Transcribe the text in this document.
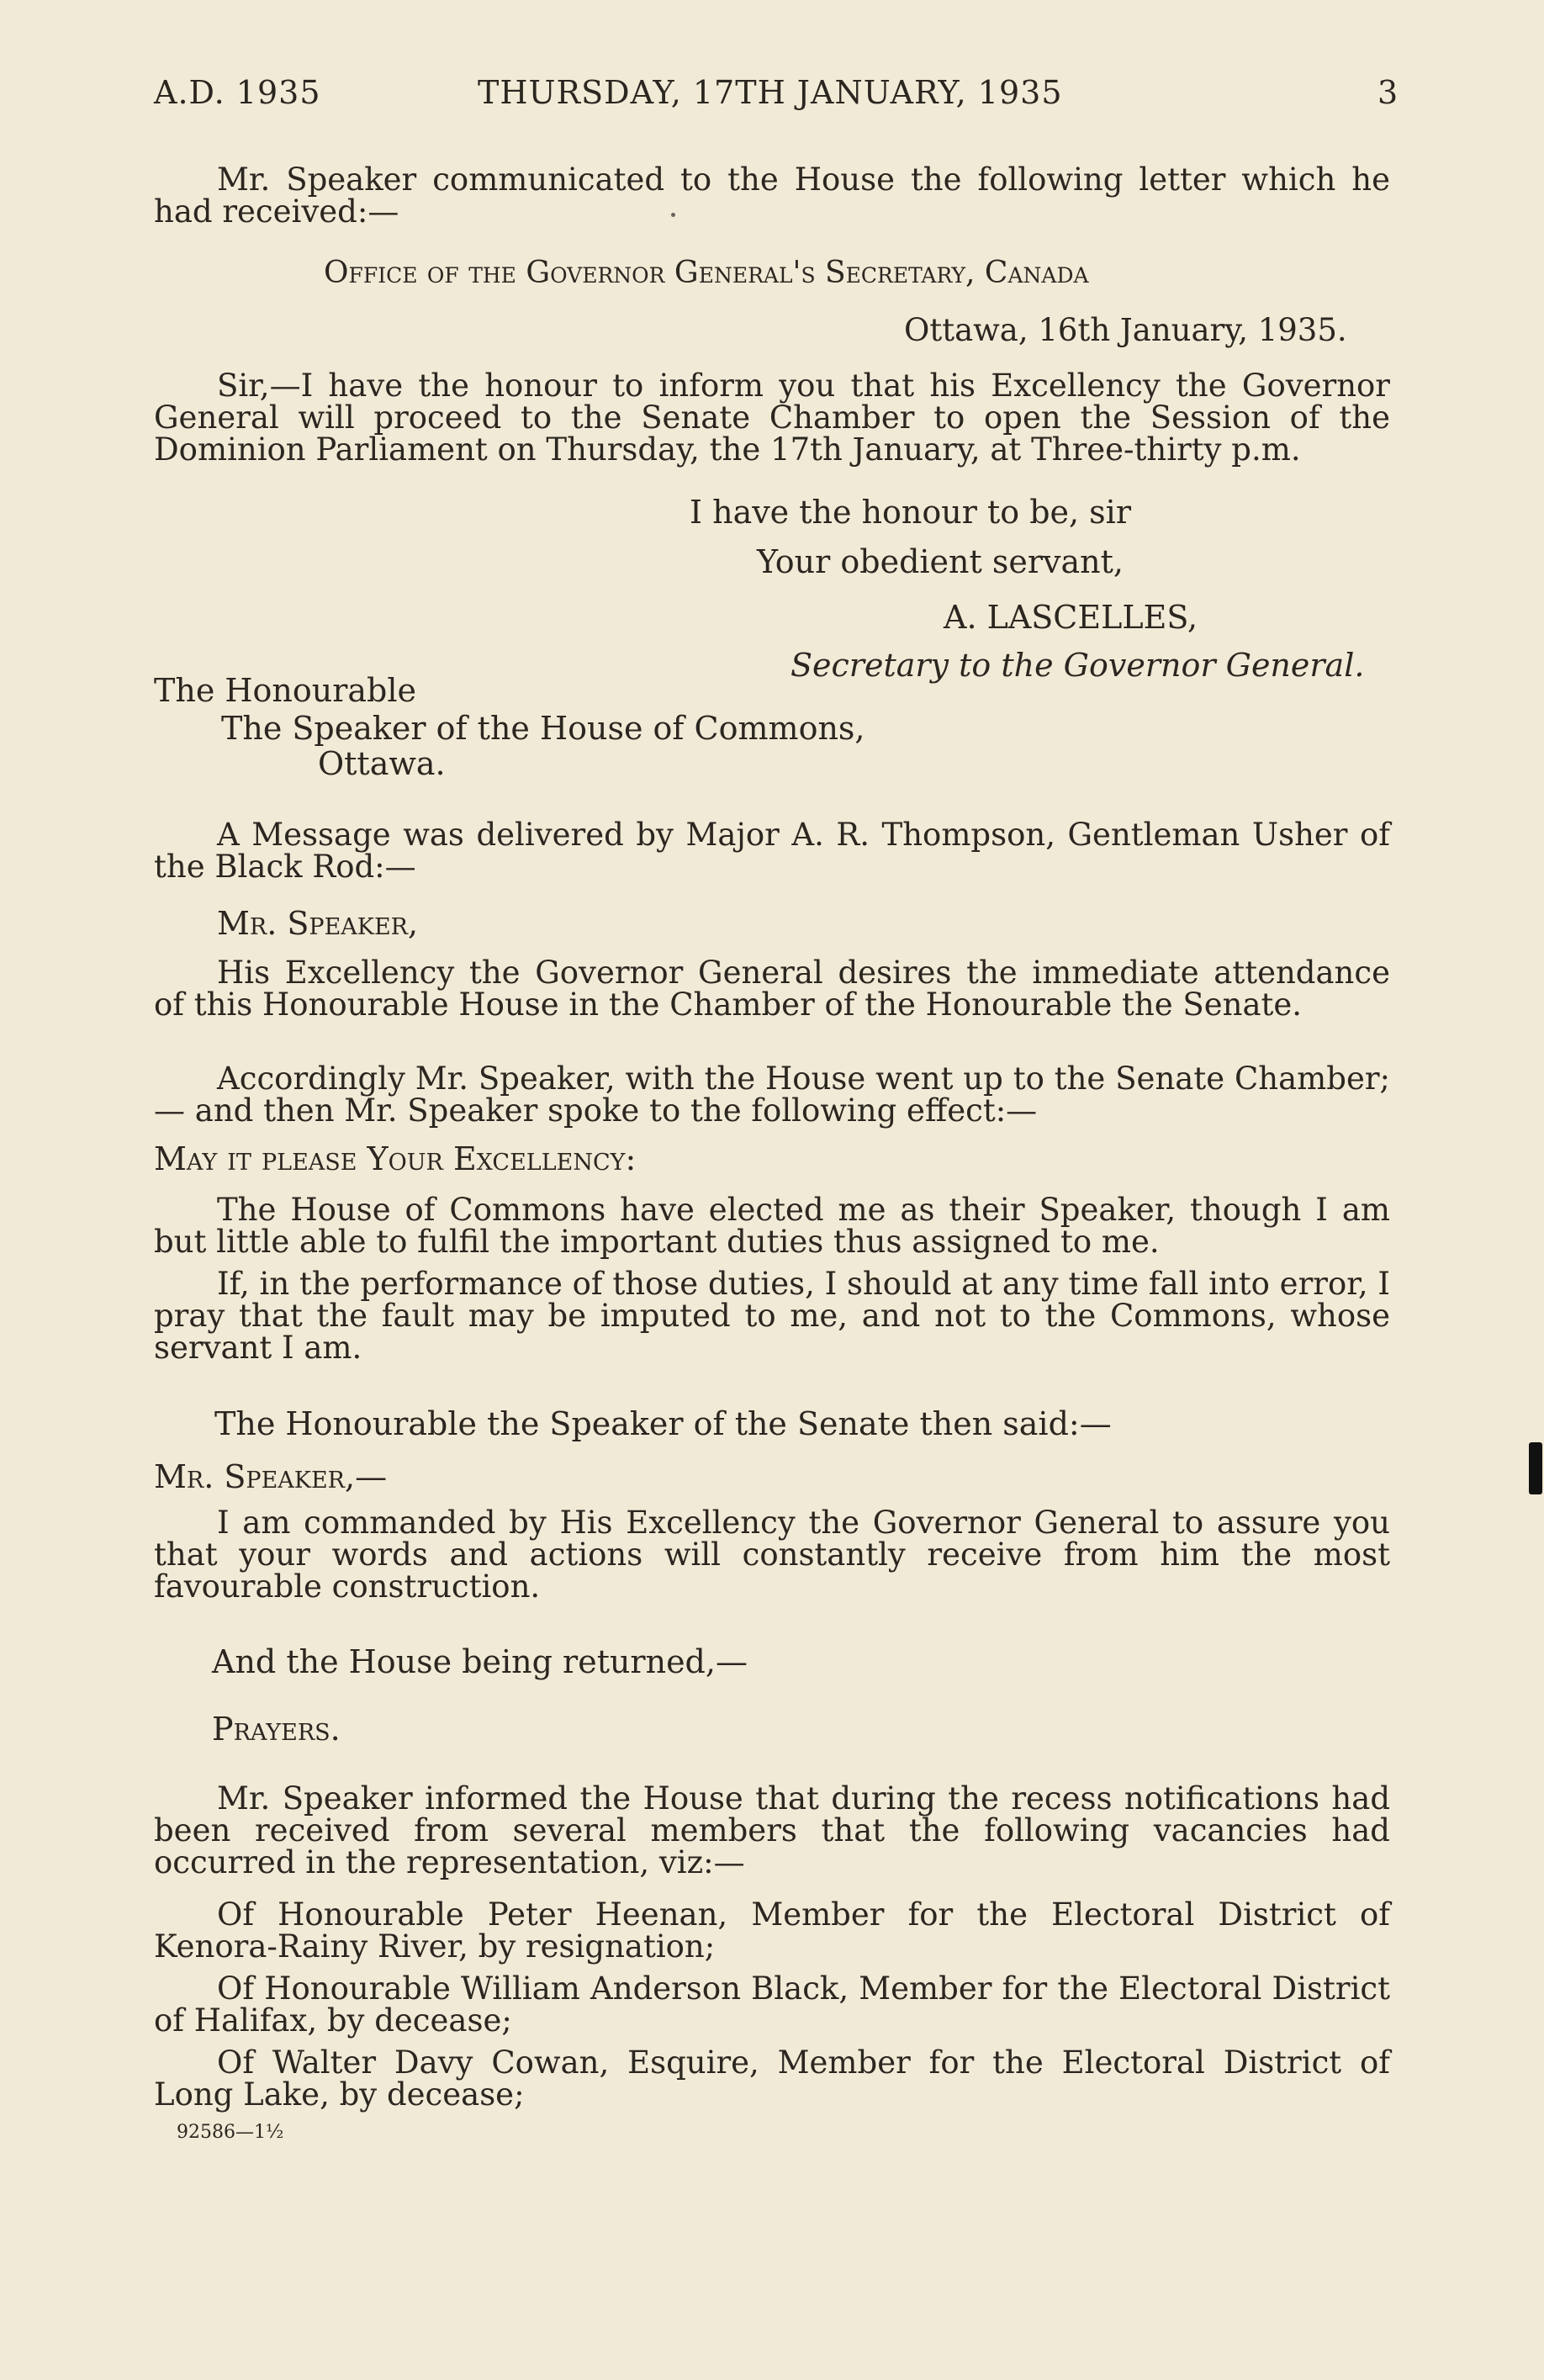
A.D. 1935	THURSDAY, 17TH JANUARY, 1935	3

Mr. Speaker communicated to the House the following letter which he had received:—

Office of the Governor General's Secretary, Canada
Ottawa, 16th January, 1935.

Sir,—I have the honour to inform you that his Excellency the Governor General will proceed to the Senate Chamber to open the Session of the Dominion Parliament on Thursday, the 17th January, at Three-thirty p.m.

I have the honour to be, sir
Your obedient servant,
A. LASCELLES,
Secretary to the Governor General.
The Honourable
The Speaker of the House of Commons,
Ottawa.

A Message was delivered by Major A. R. Thompson, Gentleman Usher of the Black Rod:—

Mr. Speaker,

His Excellency the Governor General desires the immediate attendance of this Honourable House in the Chamber of the Honourable the Senate.

Accordingly Mr. Speaker, with the House went up to the Senate Chamber;— and then Mr. Speaker spoke to the following effect:—

May it please Your Excellency:

The House of Commons have elected me as their Speaker, though I am but little able to fulfil the important duties thus assigned to me.

If, in the performance of those duties, I should at any time fall into error, I pray that the fault may be imputed to me, and not to the Commons, whose servant I am.

The Honourable the Speaker of the Senate then said:—
Mr. Speaker,—

I am commanded by His Excellency the Governor General to assure you that your words and actions will constantly receive from him the most favourable construction.

And the House being returned,—
Prayers.

Mr. Speaker informed the House that during the recess notifications had been received from several members that the following vacancies had occurred in the representation, viz:—

Of Honourable Peter Heenan, Member for the Electoral District of Kenora-Rainy River, by resignation;

Of Honourable William Anderson Black, Member for the Electoral District of Halifax, by decease;

Of Walter Davy Cowan, Esquire, Member for the Electoral District of Long Lake, by decease;

92586—1½
